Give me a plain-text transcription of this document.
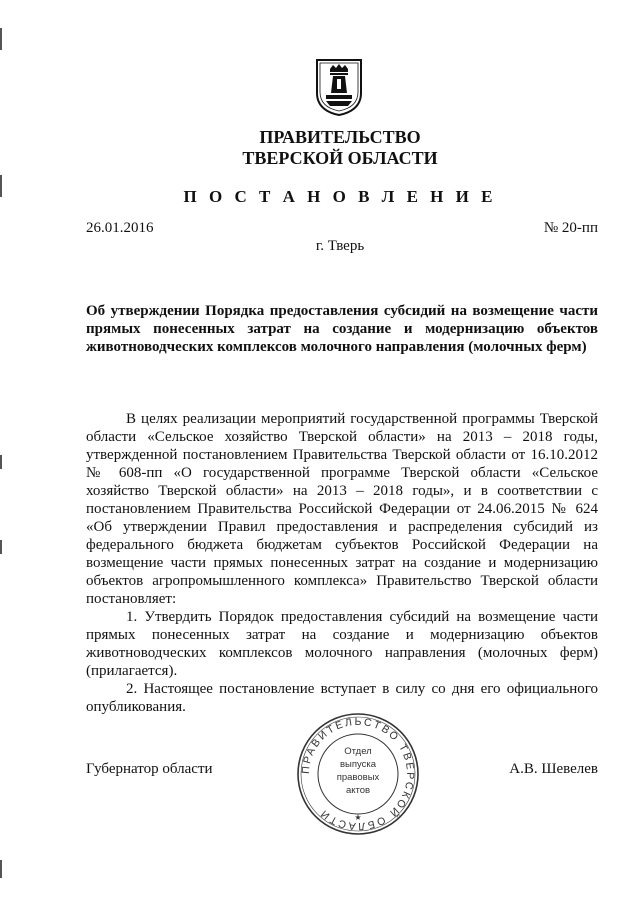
ПРАВИТЕЛЬСТВО
ТВЕРСКОЙ ОБЛАСТИ
П О С Т А Н О В Л Е Н И Е
26.01.2016	№ 20-пп
г. Тверь
Об утверждении Порядка предоставления субсидий на возмещение части прямых понесенных затрат на создание и модернизацию объектов животноводческих комплексов молочного направления (молочных ферм)

В целях реализации мероприятий государственной программы Тверской области «Сельское хозяйство Тверской области» на 2013 – 2018 годы, утвержденной постановлением Правительства Тверской области от 16.10.2012 № 608-пп «О государственной программе Тверской области «Сельское хозяйство Тверской области» на 2013 – 2018 годы», и в соответствии с постановлением Правительства Российской Федерации от 24.06.2015 № 624 «Об утверждении Правил предоставления и распределения субсидий из федерального бюджета бюджетам субъектов Российской Федерации на возмещение части прямых понесенных затрат на создание и модернизацию объектов агропромышленного комплекса» Правительство Тверской области постановляет:

1. Утвердить Порядок предоставления субсидий на возмещение части прямых понесенных затрат на создание и модернизацию объектов животноводческих комплексов молочного направления (молочных ферм) (прилагается).

2. Настоящее постановление вступает в силу со дня его официального опубликования.

Губернатор области	А.В. Шевелев
ПРАВИТЕЛЬСТВО ТВЕРСКОЙ ОБЛАСТИ	★
Отдел
выпуска
правовых
актов
